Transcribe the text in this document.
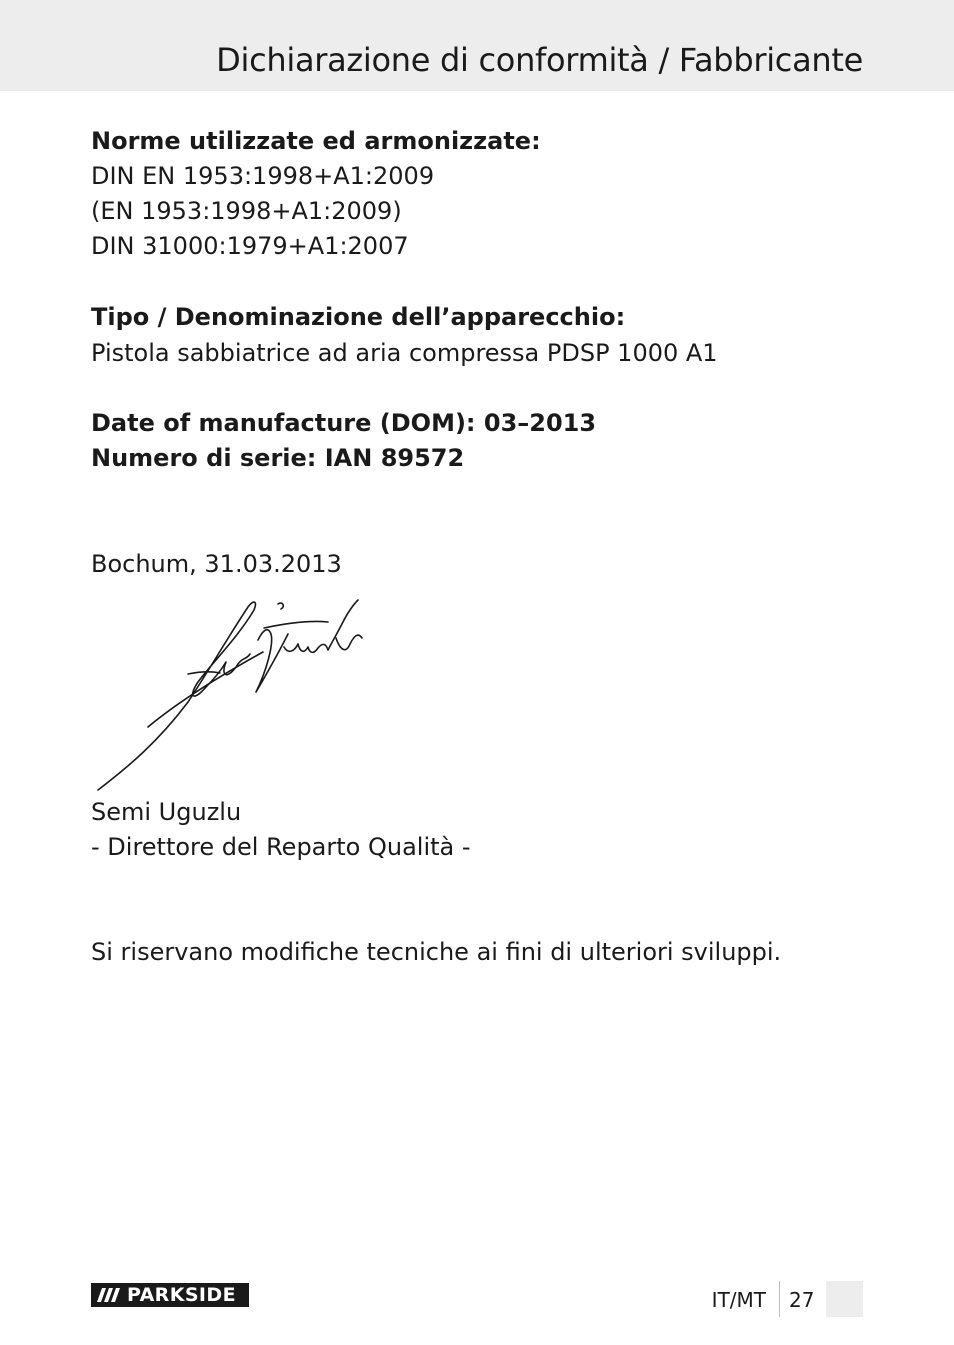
Dichiarazione di conformità / Fabbricante
Norme utilizzate ed armonizzate:
DIN EN 1953:1998+A1:2009
(EN 1953:1998+A1:2009)
DIN 31000:1979+A1:2007
Tipo / Denominazione dell’apparecchio:
Pistola sabbiatrice ad aria compressa PDSP 1000 A1
Date of manufacture (DOM): 03–2013
Numero di serie: IAN 89572
Bochum, 31.03.2013
Semi Uguzlu
- Direttore del Reparto Qualità -
Si riservano modifiche tecniche ai fini di ulteriori sviluppi.
PARKSIDE	IT/MT 27
